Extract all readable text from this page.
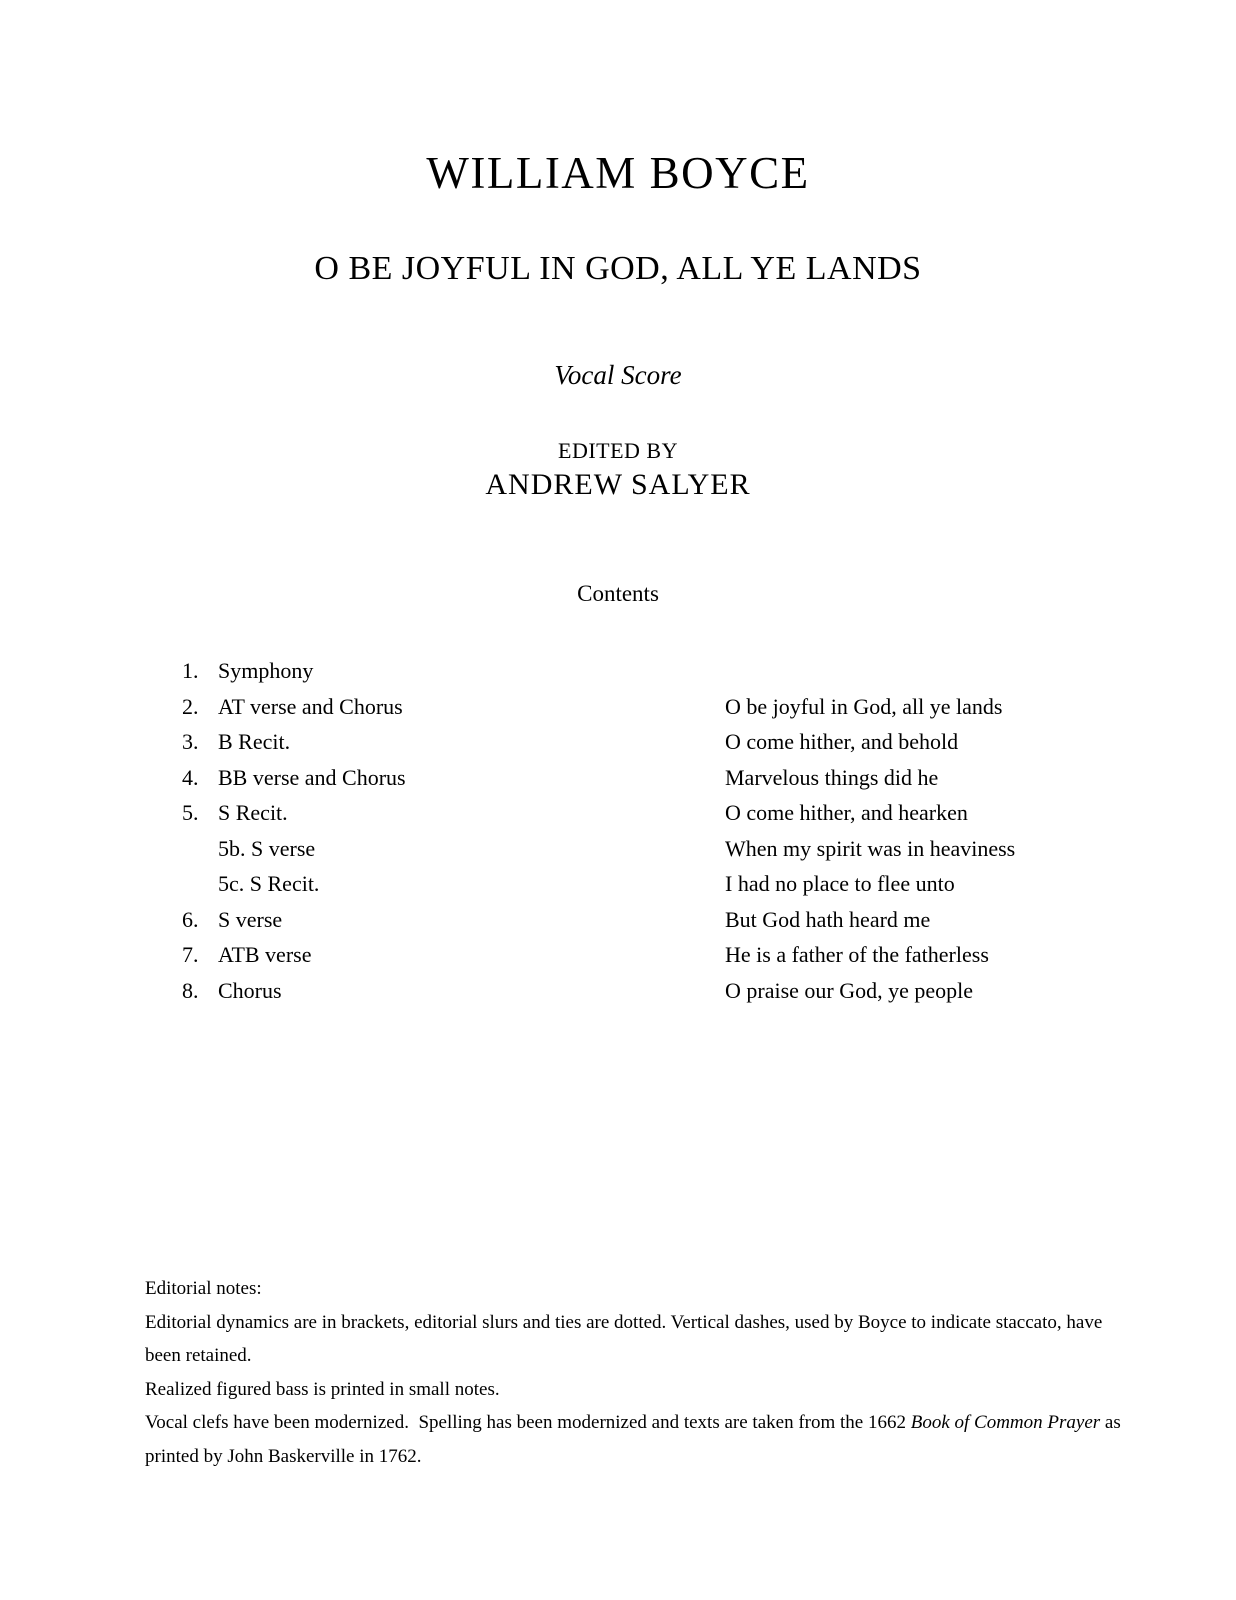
WILLIAM BOYCE
O BE JOYFUL IN GOD, ALL YE LANDS
Vocal Score
EDITED BY
ANDREW SALYER
Contents
1. Symphony
2. AT verse and Chorus	O be joyful in God, all ye lands
3. B Recit.	O come hither, and behold
4. BB verse and Chorus	Marvelous things did he
5. S Recit.	O come hither, and hearken
5b. S verse	When my spirit was in heaviness
5c. S Recit.	I had no place to flee unto
6. S verse	But God hath heard me
7. ATB verse	He is a father of the fatherless
8. Chorus	O praise our God, ye people

Editorial notes:

Editorial dynamics are in brackets, editorial slurs and ties are dotted. Vertical dashes, used by Boyce to indicate staccato, have been retained.

Realized figured bass is printed in small notes.

Vocal clefs have been modernized.  Spelling has been modernized and texts are taken from the 1662 Book of Common Prayer as printed by John Baskerville in 1762.
